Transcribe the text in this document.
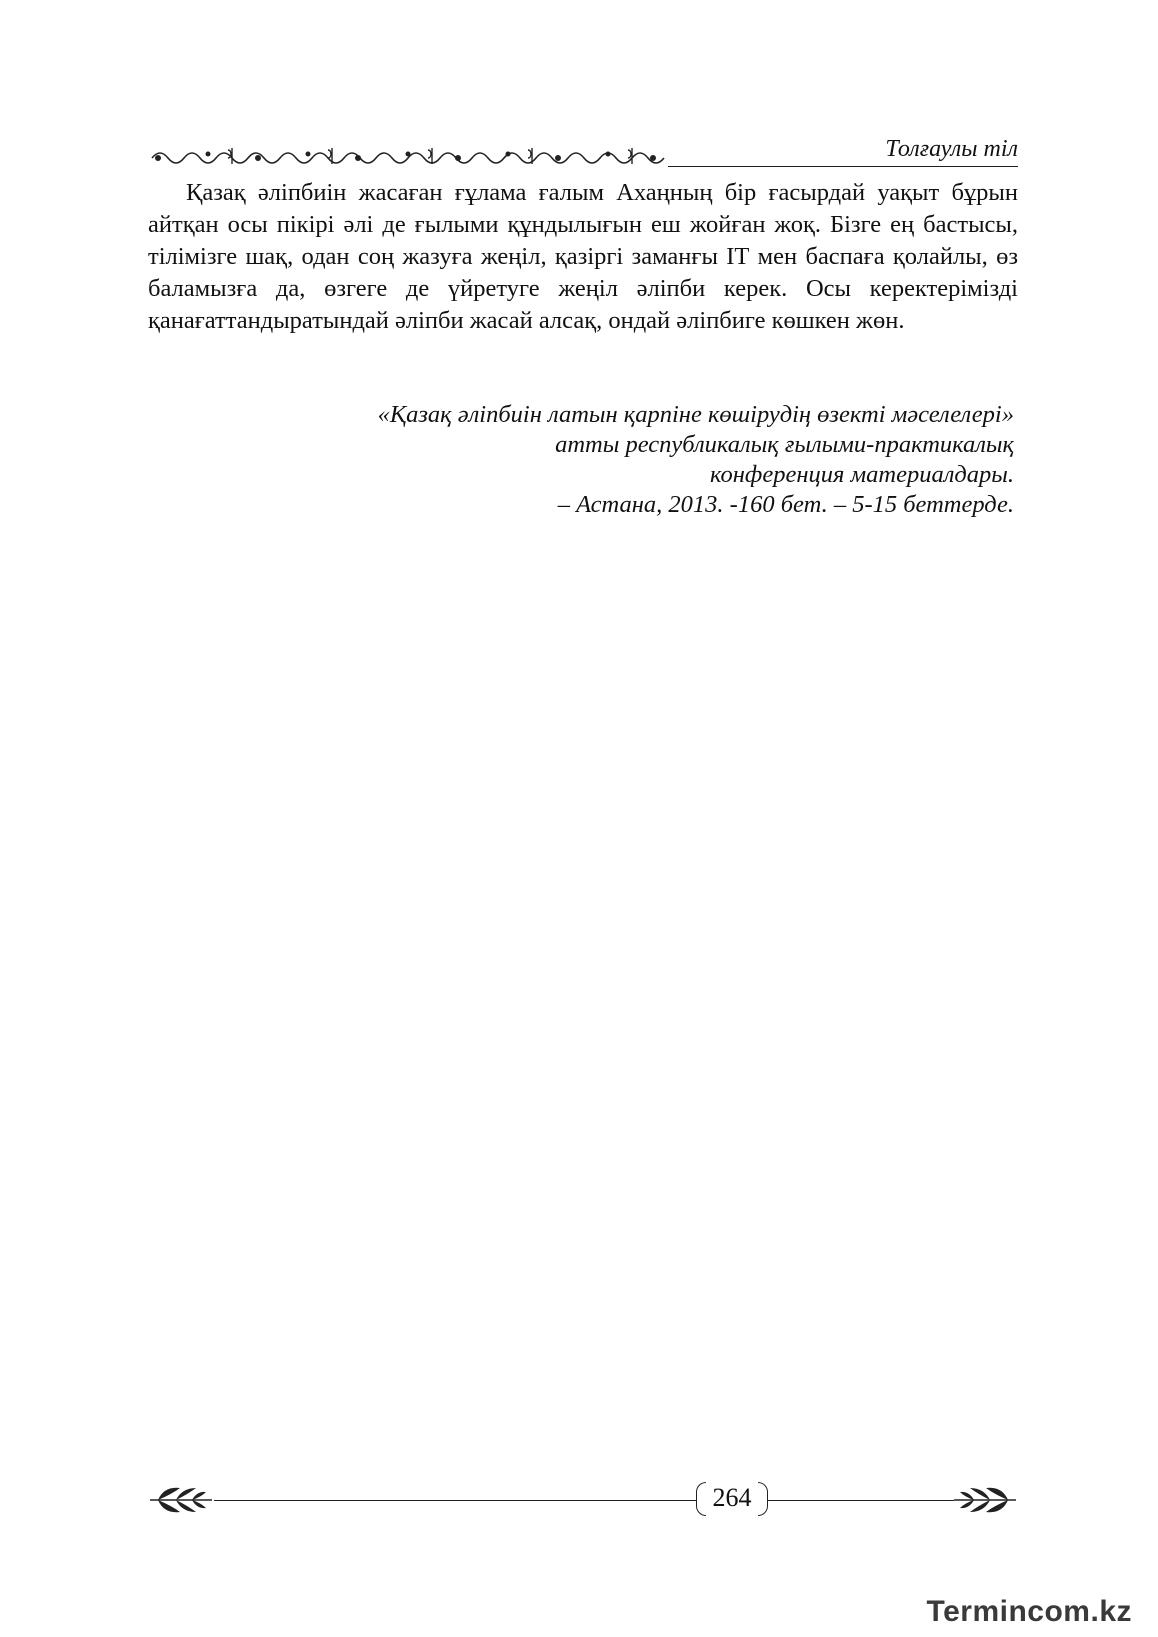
Толғаулы тіл

Қазақ әліпбиін жасаған ғұлама ғалым Ахаңның бір ғасырдай уақыт бұрын айтқан осы пікірі әлі де ғылыми құндылығын еш жойған жоқ. Бізге ең бастысы, тілімізге шақ, одан соң жазуға жеңіл, қазіргі заманғы ІТ мен баспаға қолайлы, өз баламызға да, өзгеге де үйретуге жеңіл әліпби керек. Осы керектерімізді қанағаттандыратындай әліпби жасай алсақ, ондай әліпбиге көшкен жөн.

«Қазақ әліпбиін латын қарпіне көшірудің өзекті мәселелері»
атты республикалық ғылыми-практикалық
конференция материалдары.
– Астана, 2013. -160 бет. – 5-15 беттерде.
264
Termincom.kz
